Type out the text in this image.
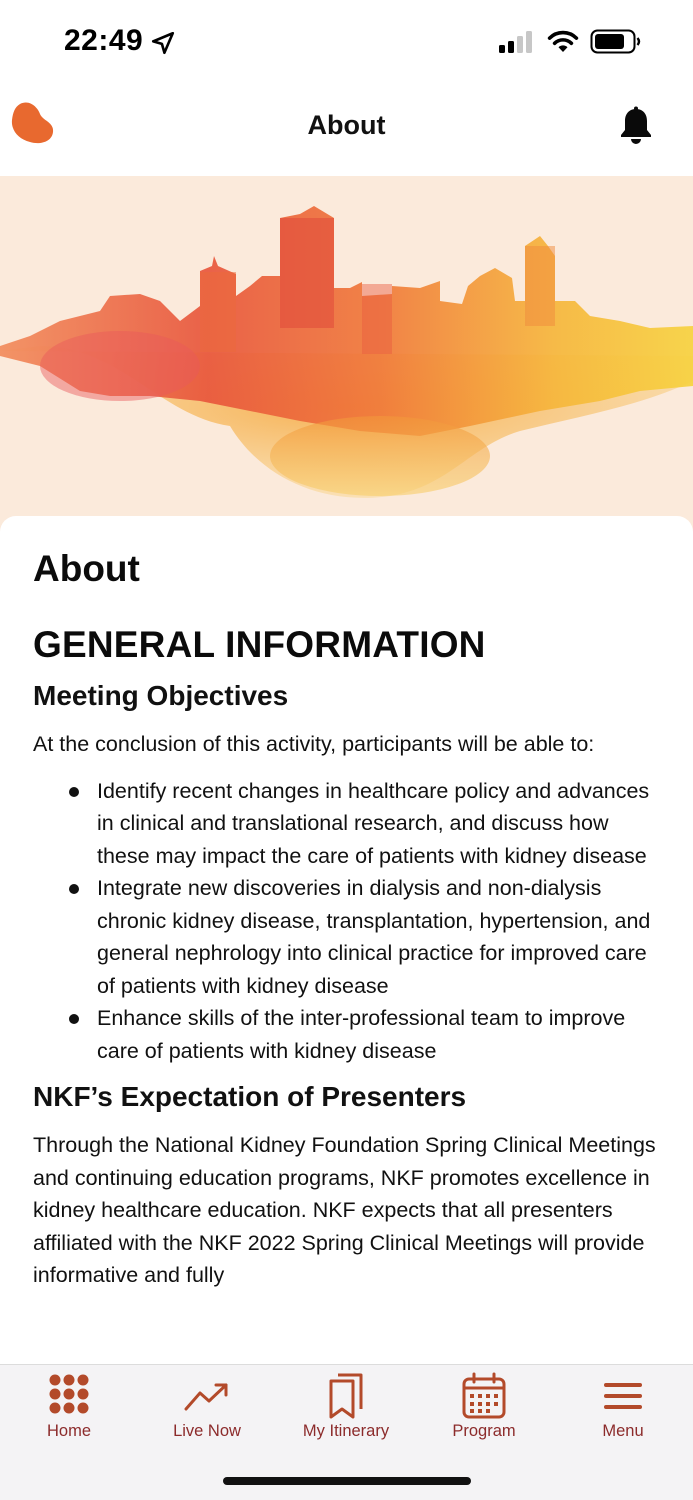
22:49
About
About
GENERAL INFORMATION
Meeting Objectives

At the conclusion of this activity, participants will be able to:

Identify recent changes in healthcare policy and advances in clinical and translational research, and discuss how these may impact the care of patients with kidney disease
Integrate new discoveries in dialysis and non-dialysis chronic kidney disease, transplantation, hypertension, and general nephrology into clinical practice for improved care of patients with kidney disease
Enhance skills of the inter-professional team to improve care of patients with kidney disease
NKF’s Expectation of Presenters

Through the National Kidney Foundation Spring Clinical Meetings and continuing education programs, NKF promotes excellence in kidney healthcare education. NKF expects that all presenters affiliated with the NKF 2022 Spring Clinical Meetings will provide informative and fully

Home	Live Now	My Itinerary	Program	Menu
